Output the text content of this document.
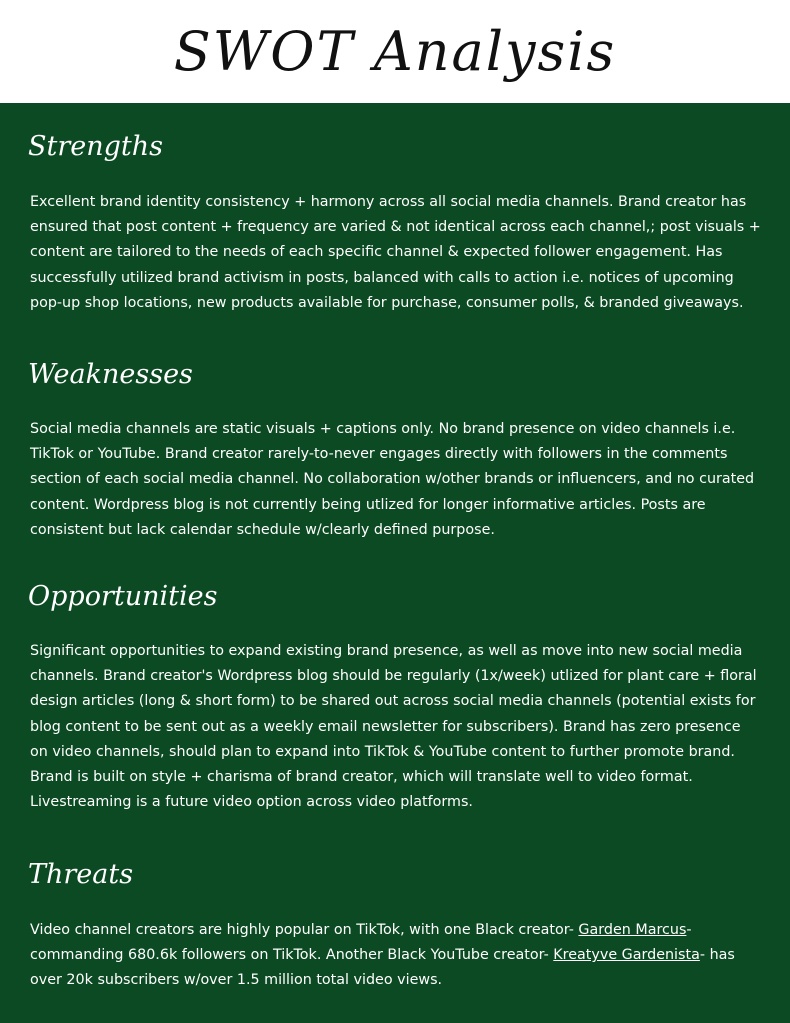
SWOT Analysis
Strengths

Excellent brand identity consistency + harmony across all social media channels. Brand creator has ensured that post content + frequency are varied & not identical across each channel,; post visuals + content are tailored to the needs of each specific channel & expected follower engagement. Has successfully utilized brand activism in posts, balanced with calls to action i.e. notices of upcoming pop-up shop locations, new products available for purchase, consumer polls, & branded giveaways.

Weaknesses

Social media channels are static visuals + captions only. No brand presence on video channels i.e. TikTok or YouTube. Brand creator rarely-to-never engages directly with followers in the comments section of each social media channel. No collaboration w/other brands or influencers, and no curated content. Wordpress blog is not currently being utlized for longer informative articles. Posts are consistent but lack calendar schedule w/clearly defined purpose.

Opportunities

Significant opportunities to expand existing brand presence, as well as move into new social media channels. Brand creator's Wordpress blog should be regularly (1x/week) utlized for plant care + floral design articles (long & short form) to be shared out across social media channels (potential exists for blog content to be sent out as a weekly email newsletter for subscribers). Brand has zero presence on video channels, should plan to expand into TikTok & YouTube content to further promote brand. Brand is built on style + charisma of brand creator, which will translate well to video format. Livestreaming is a future video option across video platforms.

Threats

Video channel creators are highly popular on TikTok, with one Black creator- Garden Marcus- commanding 680.6k followers on TikTok. Another Black YouTube creator- Kreatyve Gardenista- has over 20k subscribers w/over 1.5 million total video views.
